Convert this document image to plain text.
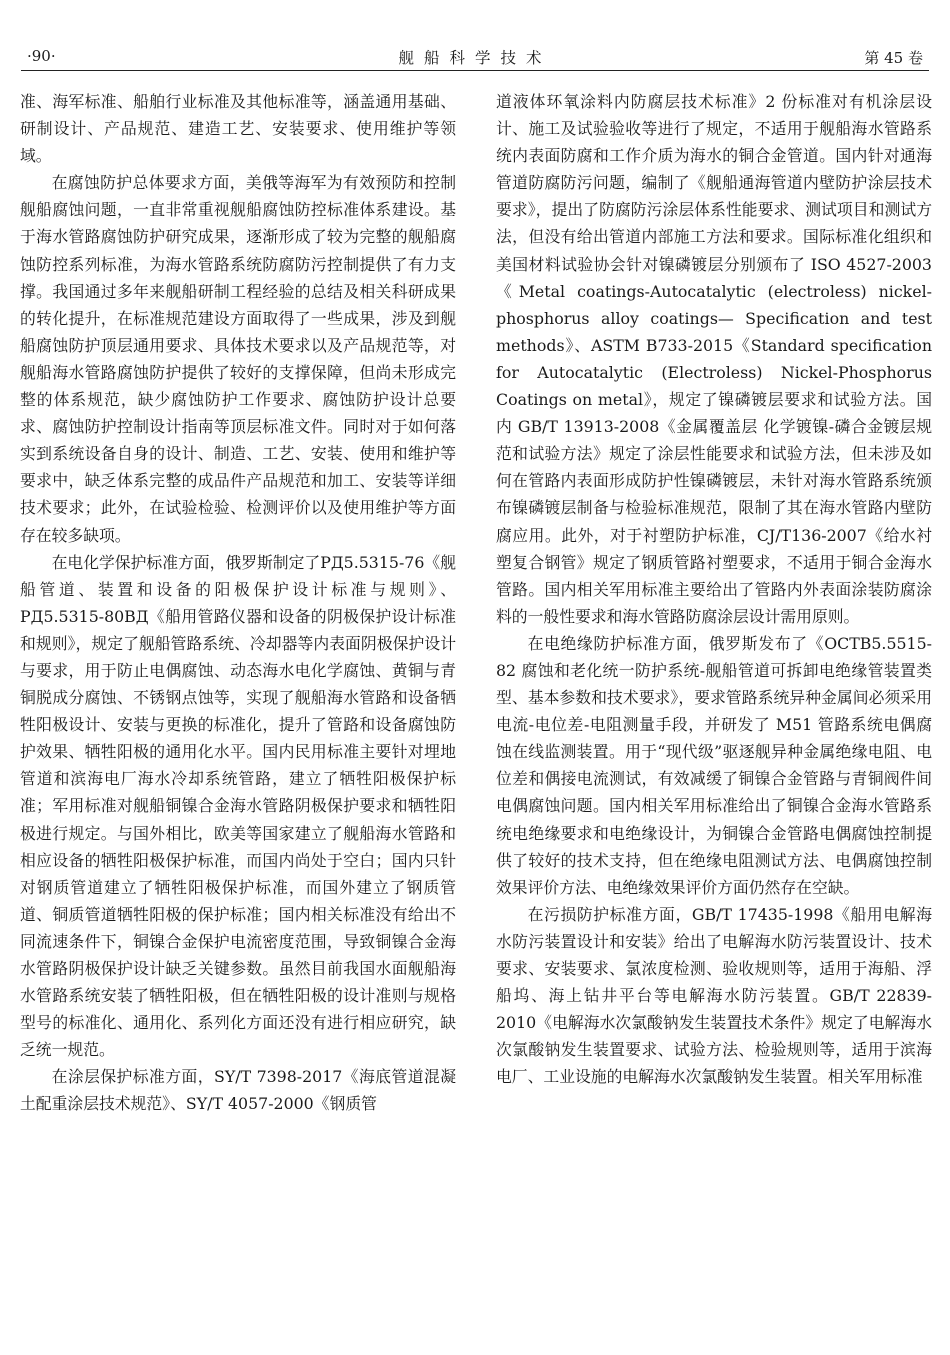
·90·	舰船科学技术	第 45 卷

准、海军标准、船舶行业标准及其他标准等，涵盖通用基础、研制设计、产品规范、建造工艺、安装要求、使用维护等领域。

在腐蚀防护总体要求方面，美俄等海军为有效预防和控制舰船腐蚀问题，一直非常重视舰船腐蚀防控标准体系建设。基于海水管路腐蚀防护研究成果，逐渐形成了较为完整的舰船腐蚀防控系列标准，为海水管路系统防腐防污控制提供了有力支撑。我国通过多年来舰船研制工程经验的总结及相关科研成果的转化提升，在标准规范建设方面取得了一些成果，涉及到舰船腐蚀防护顶层通用要求、具体技术要求以及产品规范等，对舰船海水管路腐蚀防护提供了较好的支撑保障，但尚未形成完整的体系规范，缺少腐蚀防护工作要求、腐蚀防护设计总要求、腐蚀防护控制设计指南等顶层标准文件。同时对于如何落实到系统设备自身的设计、制造、工艺、安装、使用和维护等要求中，缺乏体系完整的成品件产品规范和加工、安装等详细技术要求；此外，在试验检验、检测评价以及使用维护等方面存在较多缺项。

在电化学保护标准方面，俄罗斯制定了РД5.5315-76《舰船管道、装置和设备的阳极保护设计标准与规则》、РД5.5315-80ВД《船用管路仪器和设备的阴极保护设计标准和规则》，规定了舰船管路系统、冷却器等内表面阴极保护设计与要求，用于防止电偶腐蚀、动态海水电化学腐蚀、黄铜与青铜脱成分腐蚀、不锈钢点蚀等，实现了舰船海水管路和设备牺牲阳极设计、安装与更换的标准化，提升了管路和设备腐蚀防护效果、牺牲阳极的通用化水平。国内民用标准主要针对埋地管道和滨海电厂海水冷却系统管路，建立了牺牲阳极保护标准；军用标准对舰船铜镍合金海水管路阴极保护要求和牺牲阳极进行规定。与国外相比，欧美等国家建立了舰船海水管路和相应设备的牺牲阳极保护标准，而国内尚处于空白；国内只针对钢质管道建立了牺牲阳极保护标准，而国外建立了钢质管道、铜质管道牺牲阳极的保护标准；国内相关标准没有给出不同流速条件下，铜镍合金保护电流密度范围，导致铜镍合金海水管路阴极保护设计缺乏关键参数。虽然目前我国水面舰船海水管路系统安装了牺牲阳极，但在牺牲阳极的设计准则与规格型号的标准化、通用化、系列化方面还没有进行相应研究，缺乏统一规范。

在涂层保护标准方面，SY/T 7398-2017《海底管道混凝土配重涂层技术规范》、SY/T 4057-2000《钢质管

道液体环氧涂料内防腐层技术标准》2 份标准对有机涂层设计、施工及试验验收等进行了规定，不适用于舰船海水管路系统内表面防腐和工作介质为海水的铜合金管道。国内针对通海管道防腐防污问题，编制了《舰船通海管道内壁防护涂层技术要求》，提出了防腐防污涂层体系性能要求、测试项目和测试方法，但没有给出管道内部施工方法和要求。国际标准化组织和美国材料试验协会针对镍磷镀层分别颁布了 ISO 4527-2003《Metal coatings-Autocatalytic (electroless) nickel-phosphorus alloy coatings— Specification and test methods》、ASTM B733-2015《Standard specification for Autocatalytic (Electroless) Nickel-Phosphorus Coatings on metal》，规定了镍磷镀层要求和试验方法。国内 GB/T 13913-2008《金属覆盖层 化学镀镍-磷合金镀层规范和试验方法》规定了涂层性能要求和试验方法，但未涉及如何在管路内表面形成防护性镍磷镀层，未针对海水管路系统颁布镍磷镀层制备与检验标准规范，限制了其在海水管路内壁防腐应用。此外，对于衬塑防护标准，CJ/T136-2007《给水衬塑复合钢管》规定了钢质管路衬塑要求，不适用于铜合金海水管路。国内相关军用标准主要给出了管路内外表面涂装防腐涂料的一般性要求和海水管路防腐涂层设计需用原则。

在电绝缘防护标准方面，俄罗斯发布了《OCTB5.5515-82 腐蚀和老化统一防护系统-舰船管道可拆卸电绝缘管装置类型、基本参数和技术要求》，要求管路系统异种金属间必须采用电流-电位差-电阻测量手段，并研发了 M51 管路系统电偶腐蚀在线监测装置。用于“现代级”驱逐舰异种金属绝缘电阻、电位差和偶接电流测试，有效减缓了铜镍合金管路与青铜阀件间电偶腐蚀问题。国内相关军用标准给出了铜镍合金海水管路系统电绝缘要求和电绝缘设计，为铜镍合金管路电偶腐蚀控制提供了较好的技术支持，但在绝缘电阻测试方法、电偶腐蚀控制效果评价方法、电绝缘效果评价方面仍然存在空缺。

在污损防护标准方面，GB/T 17435-1998《船用电解海水防污装置设计和安装》给出了电解海水防污装置设计、技术要求、安装要求、氯浓度检测、验收规则等，适用于海船、浮船坞、海上钻井平台等电解海水防污装置。GB/T 22839-2010《电解海水次氯酸钠发生装置技术条件》规定了电解海水次氯酸钠发生装置要求、试验方法、检验规则等，适用于滨海电厂、工业设施的电解海水次氯酸钠发生装置。相关军用标准
